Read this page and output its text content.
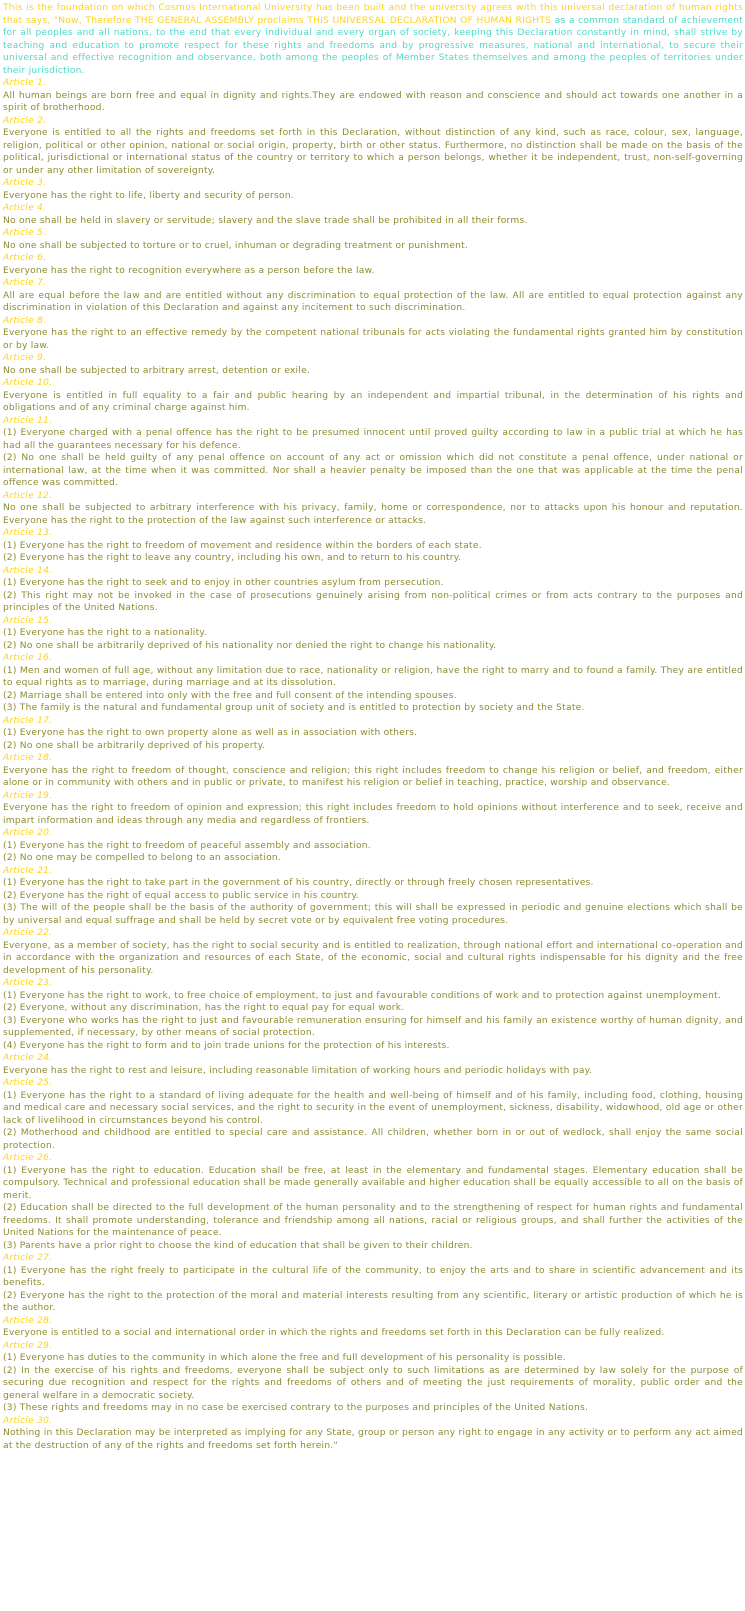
This is the foundation on which Cosmos International University has been built and the university agrees with this universal declaration of human rights that says, "Now, Therefore THE GENERAL ASSEMBLY proclaims THIS UNIVERSAL DECLARATION OF HUMAN RIGHTS as a common standard of achievement for all peoples and all nations, to the end that every individual and every organ of society, keeping this Declaration constantly in mind, shall strive by teaching and education to promote respect for these rights and freedoms and by progressive measures, national and international, to secure their universal and effective recognition and observance, both among the peoples of Member States themselves and among the peoples of territories under their jurisdiction.

Article 1.
All human beings are born free and equal in dignity and rights.They are endowed with reason and conscience and should act towards one another in a spirit of brotherhood.
Article 2.
Everyone is entitled to all the rights and freedoms set forth in this Declaration, without distinction of any kind, such as race, colour, sex, language, religion, political or other opinion, national or social origin, property, birth or other status. Furthermore, no distinction shall be made on the basis of the political, jurisdictional or international status of the country or territory to which a person belongs, whether it be independent, trust, non-self-governing or under any other limitation of sovereignty.
Article 3.
Everyone has the right to life, liberty and security of person.
Article 4.
No one shall be held in slavery or servitude; slavery and the slave trade shall be prohibited in all their forms.
Article 5.
No one shall be subjected to torture or to cruel, inhuman or degrading treatment or punishment.
Article 6.
Everyone has the right to recognition everywhere as a person before the law.
Article 7.
All are equal before the law and are entitled without any discrimination to equal protection of the law. All are entitled to equal protection against any discrimination in violation of this Declaration and against any incitement to such discrimination.
Article 8.
Everyone has the right to an effective remedy by the competent national tribunals for acts violating the fundamental rights granted him by constitution or by law.
Article 9.
No one shall be subjected to arbitrary arrest, detention or exile.
Article 10.
Everyone is entitled in full equality to a fair and public hearing by an independent and impartial tribunal, in the determination of his rights and obligations and of any criminal charge against him.
Article 11.
(1) Everyone charged with a penal offence has the right to be presumed innocent until proved guilty according to law in a public trial at which he has had all the guarantees necessary for his defence.
(2) No one shall be held guilty of any penal offence on account of any act or omission which did not constitute a penal offence, under national or international law, at the time when it was committed. Nor shall a heavier penalty be imposed than the one that was applicable at the time the penal offence was committed.
Article 12.
No one shall be subjected to arbitrary interference with his privacy, family, home or correspondence, nor to attacks upon his honour and reputation. Everyone has the right to the protection of the law against such interference or attacks.
Article 13.
(1) Everyone has the right to freedom of movement and residence within the borders of each state.
(2) Everyone has the right to leave any country, including his own, and to return to his country.
Article 14.
(1) Everyone has the right to seek and to enjoy in other countries asylum from persecution.
(2) This right may not be invoked in the case of prosecutions genuinely arising from non-political crimes or from acts contrary to the purposes and principles of the United Nations.
Article 15.
(1) Everyone has the right to a nationality.
(2) No one shall be arbitrarily deprived of his nationality nor denied the right to change his nationality.
Article 16.
(1) Men and women of full age, without any limitation due to race, nationality or religion, have the right to marry and to found a family. They are entitled to equal rights as to marriage, during marriage and at its dissolution.
(2) Marriage shall be entered into only with the free and full consent of the intending spouses.
(3) The family is the natural and fundamental group unit of society and is entitled to protection by society and the State.
Article 17.
(1) Everyone has the right to own property alone as well as in association with others.
(2) No one shall be arbitrarily deprived of his property.
Article 18.
Everyone has the right to freedom of thought, conscience and religion; this right includes freedom to change his religion or belief, and freedom, either alone or in community with others and in public or private, to manifest his religion or belief in teaching, practice, worship and observance.
Article 19.
Everyone has the right to freedom of opinion and expression; this right includes freedom to hold opinions without interference and to seek, receive and impart information and ideas through any media and regardless of frontiers.
Article 20.
(1) Everyone has the right to freedom of peaceful assembly and association.
(2) No one may be compelled to belong to an association.
Article 21.
(1) Everyone has the right to take part in the government of his country, directly or through freely chosen representatives.
(2) Everyone has the right of equal access to public service in his country.
(3) The will of the people shall be the basis of the authority of government; this will shall be expressed in periodic and genuine elections which shall be by universal and equal suffrage and shall be held by secret vote or by equivalent free voting procedures.
Article 22.
Everyone, as a member of society, has the right to social security and is entitled to realization, through national effort and international co-operation and in accordance with the organization and resources of each State, of the economic, social and cultural rights indispensable for his dignity and the free development of his personality.
Article 23.
(1) Everyone has the right to work, to free choice of employment, to just and favourable conditions of work and to protection against unemployment.
(2) Everyone, without any discrimination, has the right to equal pay for equal work.
(3) Everyone who works has the right to just and favourable remuneration ensuring for himself and his family an existence worthy of human dignity, and supplemented, if necessary, by other means of social protection.
(4) Everyone has the right to form and to join trade unions for the protection of his interests.
Article 24.
Everyone has the right to rest and leisure, including reasonable limitation of working hours and periodic holidays with pay.
Article 25.
(1) Everyone has the right to a standard of living adequate for the health and well-being of himself and of his family, including food, clothing, housing and medical care and necessary social services, and the right to security in the event of unemployment, sickness, disability, widowhood, old age or other lack of livelihood in circumstances beyond his control.
(2) Motherhood and childhood are entitled to special care and assistance. All children, whether born in or out of wedlock, shall enjoy the same social protection.
Article 26.
(1) Everyone has the right to education. Education shall be free, at least in the elementary and fundamental stages. Elementary education shall be compulsory. Technical and professional education shall be made generally available and higher education shall be equally accessible to all on the basis of merit.
(2) Education shall be directed to the full development of the human personality and to the strengthening of respect for human rights and fundamental freedoms. It shall promote understanding, tolerance and friendship among all nations, racial or religious groups, and shall further the activities of the United Nations for the maintenance of peace.
(3) Parents have a prior right to choose the kind of education that shall be given to their children.
Article 27.
(1) Everyone has the right freely to participate in the cultural life of the community, to enjoy the arts and to share in scientific advancement and its benefits.
(2) Everyone has the right to the protection of the moral and material interests resulting from any scientific, literary or artistic production of which he is the author.
Article 28.
Everyone is entitled to a social and international order in which the rights and freedoms set forth in this Declaration can be fully realized.
Article 29.
(1) Everyone has duties to the community in which alone the free and full development of his personality is possible.
(2) In the exercise of his rights and freedoms, everyone shall be subject only to such limitations as are determined by law solely for the purpose of securing due recognition and respect for the rights and freedoms of others and of meeting the just requirements of morality, public order and the general welfare in a democratic society.
(3) These rights and freedoms may in no case be exercised contrary to the purposes and principles of the United Nations.
Article 30.
Nothing in this Declaration may be interpreted as implying for any State, group or person any right to engage in any activity or to perform any act aimed at the destruction of any of the rights and freedoms set forth herein."
